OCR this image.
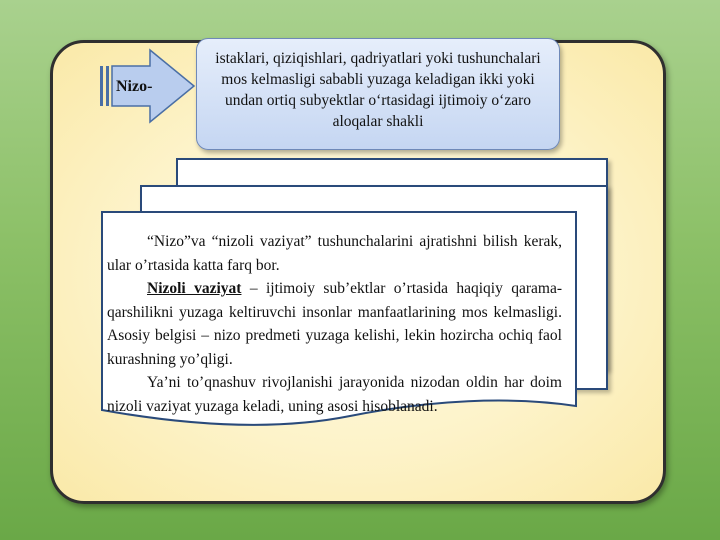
Nizo-
istaklari, qiziqishlari, qadriyatlari yoki tushunchalari mos kelmasligi sababli yuzaga keladigan ikki yoki undan ortiq subyektlar o‘rtasidagi ijtimoiy o‘zaro aloqalar shakli

“Nizo”va “nizoli vaziyat” tushunchalarini ajratishni bilish kerak, ular o’rtasida katta farq bor.

Nizoli vaziyat – ijtimoiy sub’ektlar o’rtasida haqiqiy qarama-qarshilikni yuzaga keltiruvchi insonlar manfaatlarining mos kelmasligi. Asosiy belgisi – nizo predmeti yuzaga kelishi, lekin hozircha ochiq faol kurashning yo’qligi.

Ya’ni to’qnashuv rivojlanishi jarayonida nizodan oldin har doim nizoli vaziyat yuzaga keladi, uning asosi hisoblanadi.
